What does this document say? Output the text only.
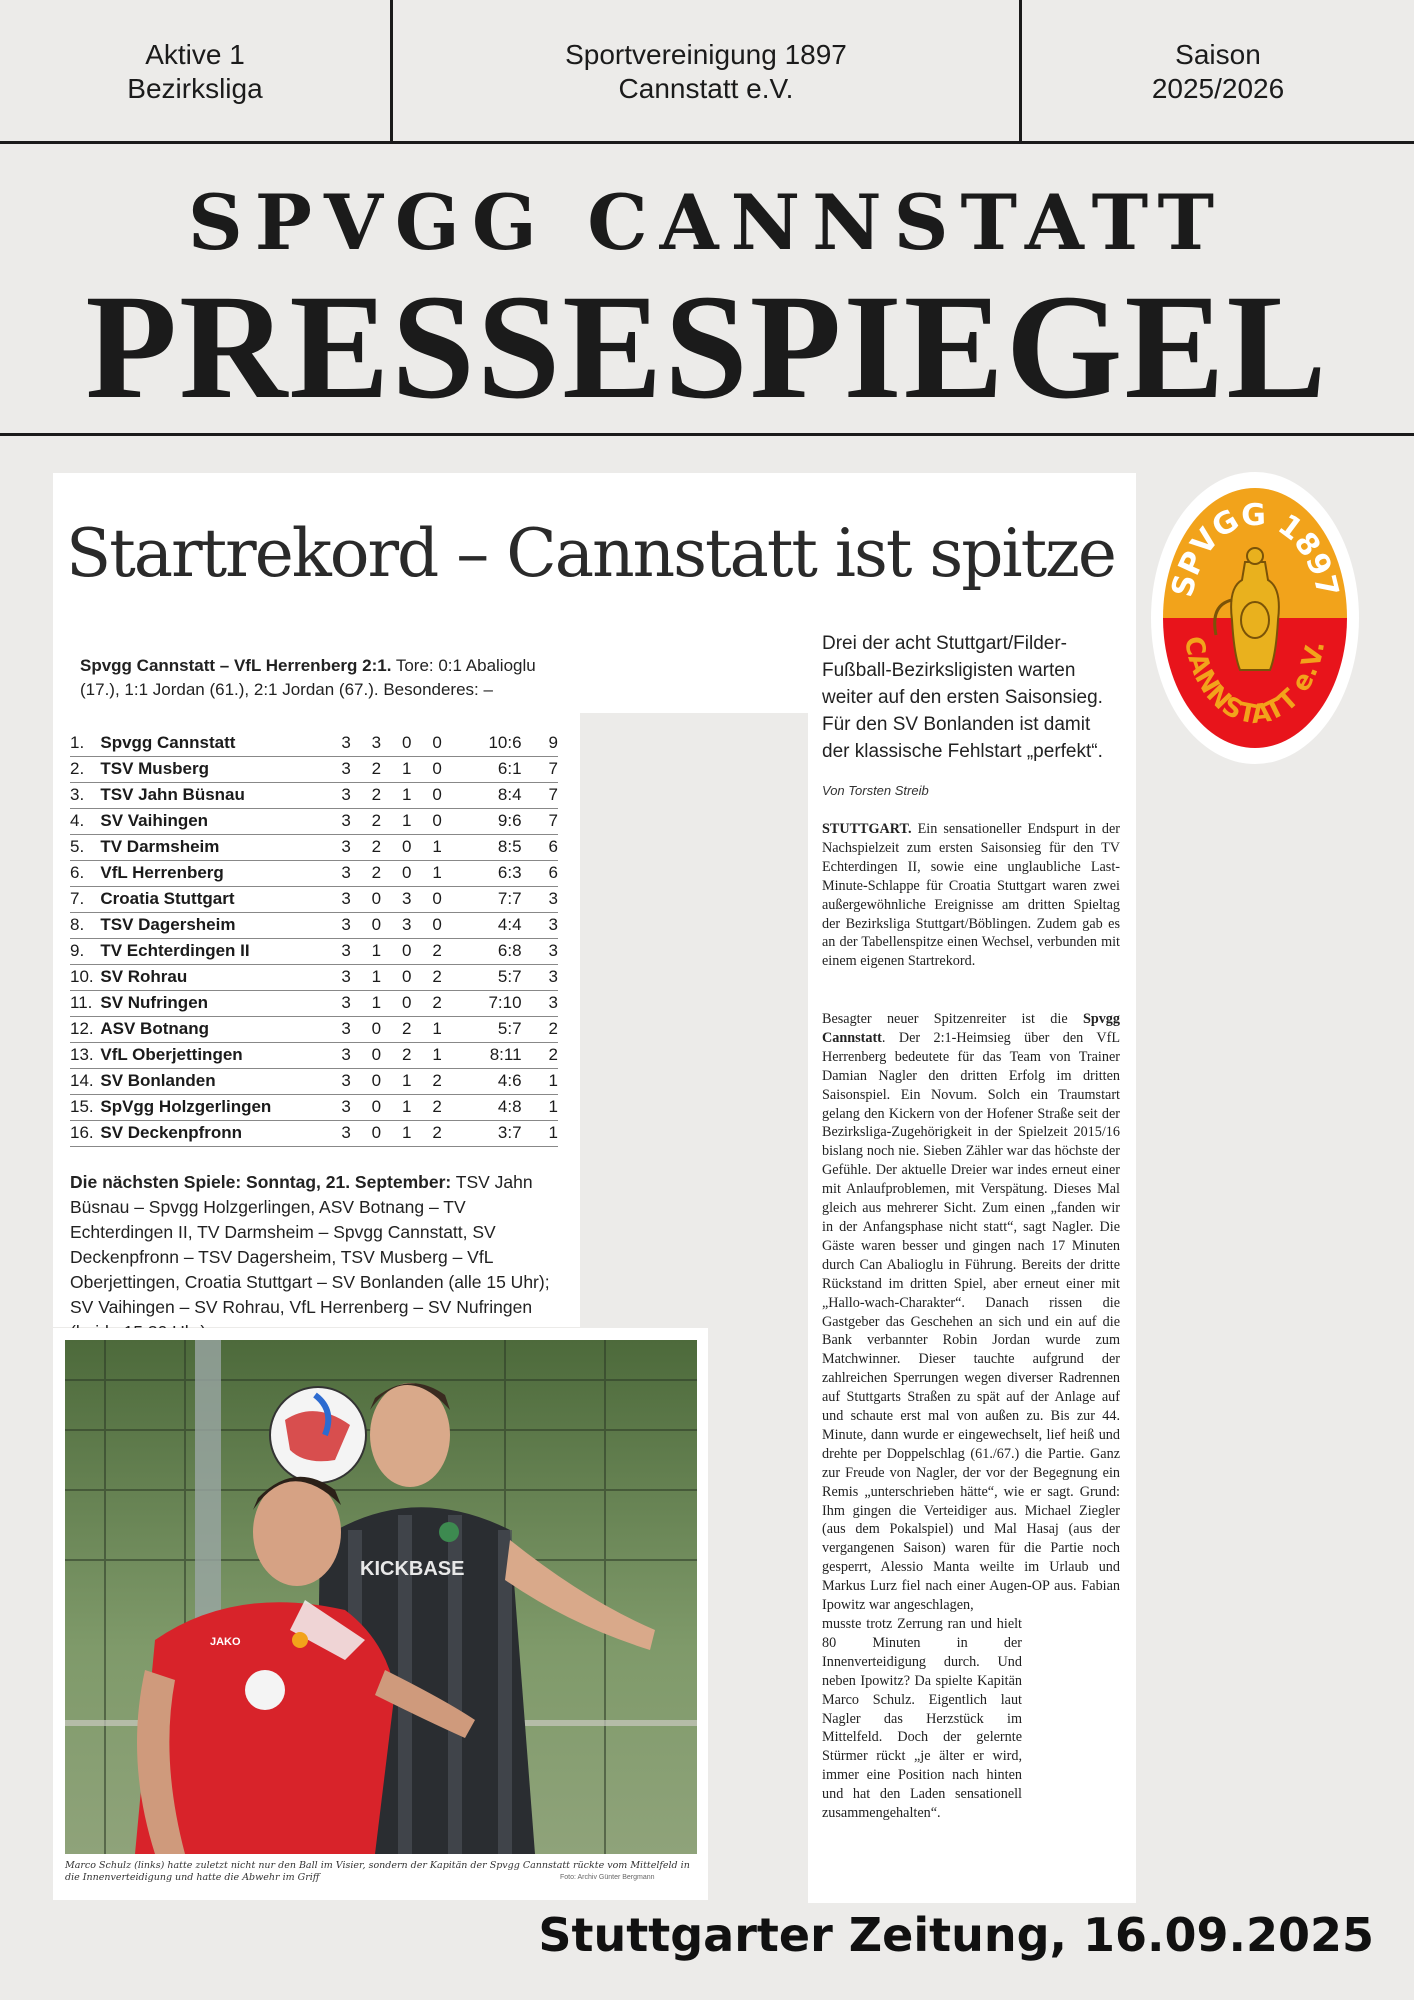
Aktive 1
Bezirksliga
Sportvereinigung 1897
Cannstatt e.V.
Saison
2025/2026
SPVGG CANNSTATT
PRESSESPIEGEL
Startrekord – Cannstatt ist spitze
Spvgg Cannstatt – VfL Herrenberg 2:1. Tore: 0:1 Abalioglu (17.), 1:1 Jordan (61.), 2:1 Jordan (67.). Besonderes: –
1.	Spvgg Cannstatt	3	3	0	0	10:6	9
2.	TSV Musberg	3	2	1	0	6:1	7
3.	TSV Jahn Büsnau	3	2	1	0	8:4	7
4.	SV Vaihingen	3	2	1	0	9:6	7
5.	TV Darmsheim	3	2	0	1	8:5	6
6.	VfL Herrenberg	3	2	0	1	6:3	6
7.	Croatia Stuttgart	3	0	3	0	7:7	3
8.	TSV Dagersheim	3	0	3	0	4:4	3
9.	TV Echterdingen II	3	1	0	2	6:8	3
10.	SV Rohrau	3	1	0	2	5:7	3
11.	SV Nufringen	3	1	0	2	7:10	3
12.	ASV Botnang	3	0	2	1	5:7	2
13.	VfL Oberjettingen	3	0	2	1	8:11	2
14.	SV Bonlanden	3	0	1	2	4:6	1
15.	SpVgg Holzgerlingen	3	0	1	2	4:8	1
16.	SV Deckenpfronn	3	0	1	2	3:7	1
Die nächsten Spiele: Sonntag, 21. September: TSV Jahn Büsnau – Spvgg Holzgerlingen, ASV Botnang – TV Echterdingen II, TV Darmsheim – Spvgg Cannstatt, SV Deckenpfronn – TSV Dagersheim, TSV Musberg – VfL Oberjettingen, Croatia Stuttgart – SV Bonlanden (alle 15 Uhr); SV Vaihingen – SV Rohrau, VfL Herrenberg – SV Nufringen
KICKBASE
JAKO
Marco Schulz (links) hatte zuletzt nicht nur den Ball im Visier, sondern der Kapitän der Spvgg Cannstatt rückte vom Mittelfeld in die Innenverteidigung und hatte die Abwehr im Griff	Foto: Archiv Günter Bergmann
Drei der acht Stuttgart/Filder-Fußball-Bezirksligisten warten weiter auf den ersten Saisonsieg. Für den SV Bonlanden ist damit der klassische Fehlstart „perfekt“.
Von Torsten Streib
STUTTGART. Ein sensationeller Endspurt in der Nachspielzeit zum ersten Saisonsieg für den TV Echterdingen II, sowie eine unglaubliche Last-Minute-Schlappe für Croatia Stuttgart waren zwei außergewöhnliche Ereignisse am dritten Spieltag der Bezirksliga Stuttgart/Böblingen. Zudem gab es an der Tabellenspitze einen Wechsel, verbunden mit einem eigenen Startrekord.
Besagter neuer Spitzenreiter ist die Spvgg Cannstatt. Der 2:1-Heimsieg über den VfL Herrenberg bedeutete für das Team von Trainer Damian Nagler den dritten Erfolg im dritten Saisonspiel. Ein Novum. Solch ein Traumstart gelang den Kickern von der Hofener Straße seit der Bezirksliga-Zugehörigkeit in der Spielzeit 2015/16 bislang noch nie. Sieben Zähler war das höchste der Gefühle. Der aktuelle Dreier war indes erneut einer mit Anlaufproblemen, mit Verspätung. Dieses Mal gleich aus mehrerer Sicht. Zum einen „fanden wir in der Anfangsphase nicht statt“, sagt Nagler. Die Gäste waren besser und gingen nach 17 Minuten durch Can Abalioglu in Führung. Bereits der dritte Rückstand im dritten Spiel, aber erneut einer mit „Hallo-wach-Charakter“. Danach rissen die Gastgeber das Geschehen an sich und ein auf die Bank verbannter Robin Jordan wurde zum Matchwinner. Dieser tauchte aufgrund der zahlreichen Sperrungen wegen diverser Radrennen auf Stuttgarts Straßen zu spät auf der Anlage auf und schaute erst mal von außen zu. Bis zur 44. Minute, dann wurde er eingewechselt, lief heiß und drehte per Doppelschlag (61./67.) die Partie. Ganz zur Freude von Nagler, der vor der Begegnung ein Remis „unterschrieben hätte“, wie er sagt. Grund: Ihm gingen die Verteidiger aus. Michael Ziegler (aus dem Pokalspiel) und Mal Hasaj (aus der vergangenen Saison) waren für die Partie noch gesperrt, Alessio Manta weilte im Urlaub und Markus Lurz fiel nach einer Augen-OP aus. Fabian Ipowitz war angeschlagen,
musste trotz Zerrung ran und hielt 80 Minuten in der Innenverteidigung durch. Und neben Ipowitz? Da spielte Kapitän Marco Schulz. Eigentlich laut Nagler das Herzstück im Mittelfeld. Doch der gelernte Stürmer rückt „je älter er wird, immer eine Position nach hinten und hat den Laden sensationell zusammengehalten“.
SPVGG 1897
CANNSTATT e.V.
Stuttgarter Zeitung, 16.09.2025
